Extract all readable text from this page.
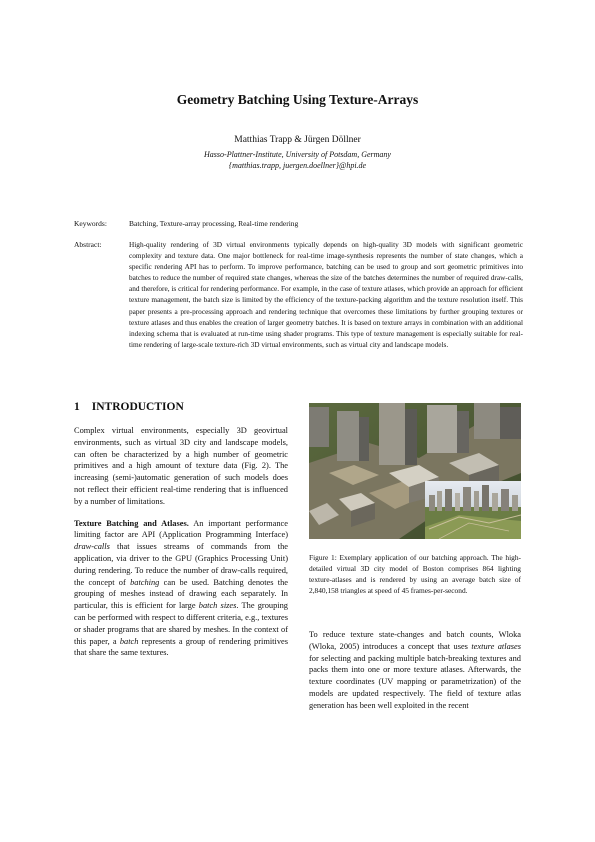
Geometry Batching Using Texture-Arrays
Matthias Trapp & Jürgen Döllner
Hasso-Plattner-Institute, University of Potsdam, Germany
{matthias.trapp, juergen.doellner}@hpi.de
Keywords:	Batching, Texture-array processing, Real-time rendering
Abstract:	High-quality rendering of 3D virtual environments typically depends on high-quality 3D models with significant geometric complexity and texture data. One major bottleneck for real-time image-synthesis represents the number of state changes, which a specific rendering API has to perform. To improve performance, batching can be used to group and sort geometric primitives into batches to reduce the number of required state changes, whereas the size of the batches determines the number of required draw-calls, and therefore, is critical for rendering performance. For example, in the case of texture atlases, which provide an approach for efficient texture management, the batch size is limited by the efficiency of the texture-packing algorithm and the texture resolution itself. This paper presents a pre-processing approach and rendering technique that overcomes these limitations by further grouping textures or texture atlases and thus enables the creation of larger geometry batches. It is based on texture arrays in combination with an additional indexing schema that is evaluated at run-time using shader programs. This type of texture management is especially suitable for real-time rendering of large-scale texture-rich 3D virtual environments, such as virtual city and landscape models.
1 INTRODUCTION

Complex virtual environments, especially 3D geovirtual environments, such as virtual 3D city and landscape models, can often be characterized by a high number of geometric primitives and a high amount of texture data (Fig. 2). The increasing (semi-)automatic generation of such models does not reflect their efficient real-time rendering that is influenced by a number of limitations.

Texture Batching and Atlases. An important performance limiting factor are API (Application Programming Interface) draw-calls that issues streams of commands from the application, via driver to the GPU (Graphics Processing Unit) during rendering. To reduce the number of draw-calls required, the concept of batching can be used. Batching denotes the grouping of meshes instead of drawing each separately. In particular, this is efficient for large batch sizes. The grouping can be performed with respect to different criteria, e.g., textures or shader programs that are shared by meshes. In the context of this paper, a batch represents a group of rendering primitives that share the same textures.

Figure 1: Exemplary application of our batching approach. The high-detailed virtual 3D city model of Boston comprises 864 lighting texture-atlases and is rendered by using an average batch size of 2,840,158 triangles at speed of 45 frames-per-second.
To reduce texture state-changes and batch counts, Wloka (Wloka, 2005) introduces a concept that uses texture atlases for selecting and packing multiple batch-breaking textures and packs them into one or more texture atlases. Afterwards, the texture coordinates (UV mapping or parametrization) of the models are updated respectively. The field of texture atlas generation has been well exploited in the recent
